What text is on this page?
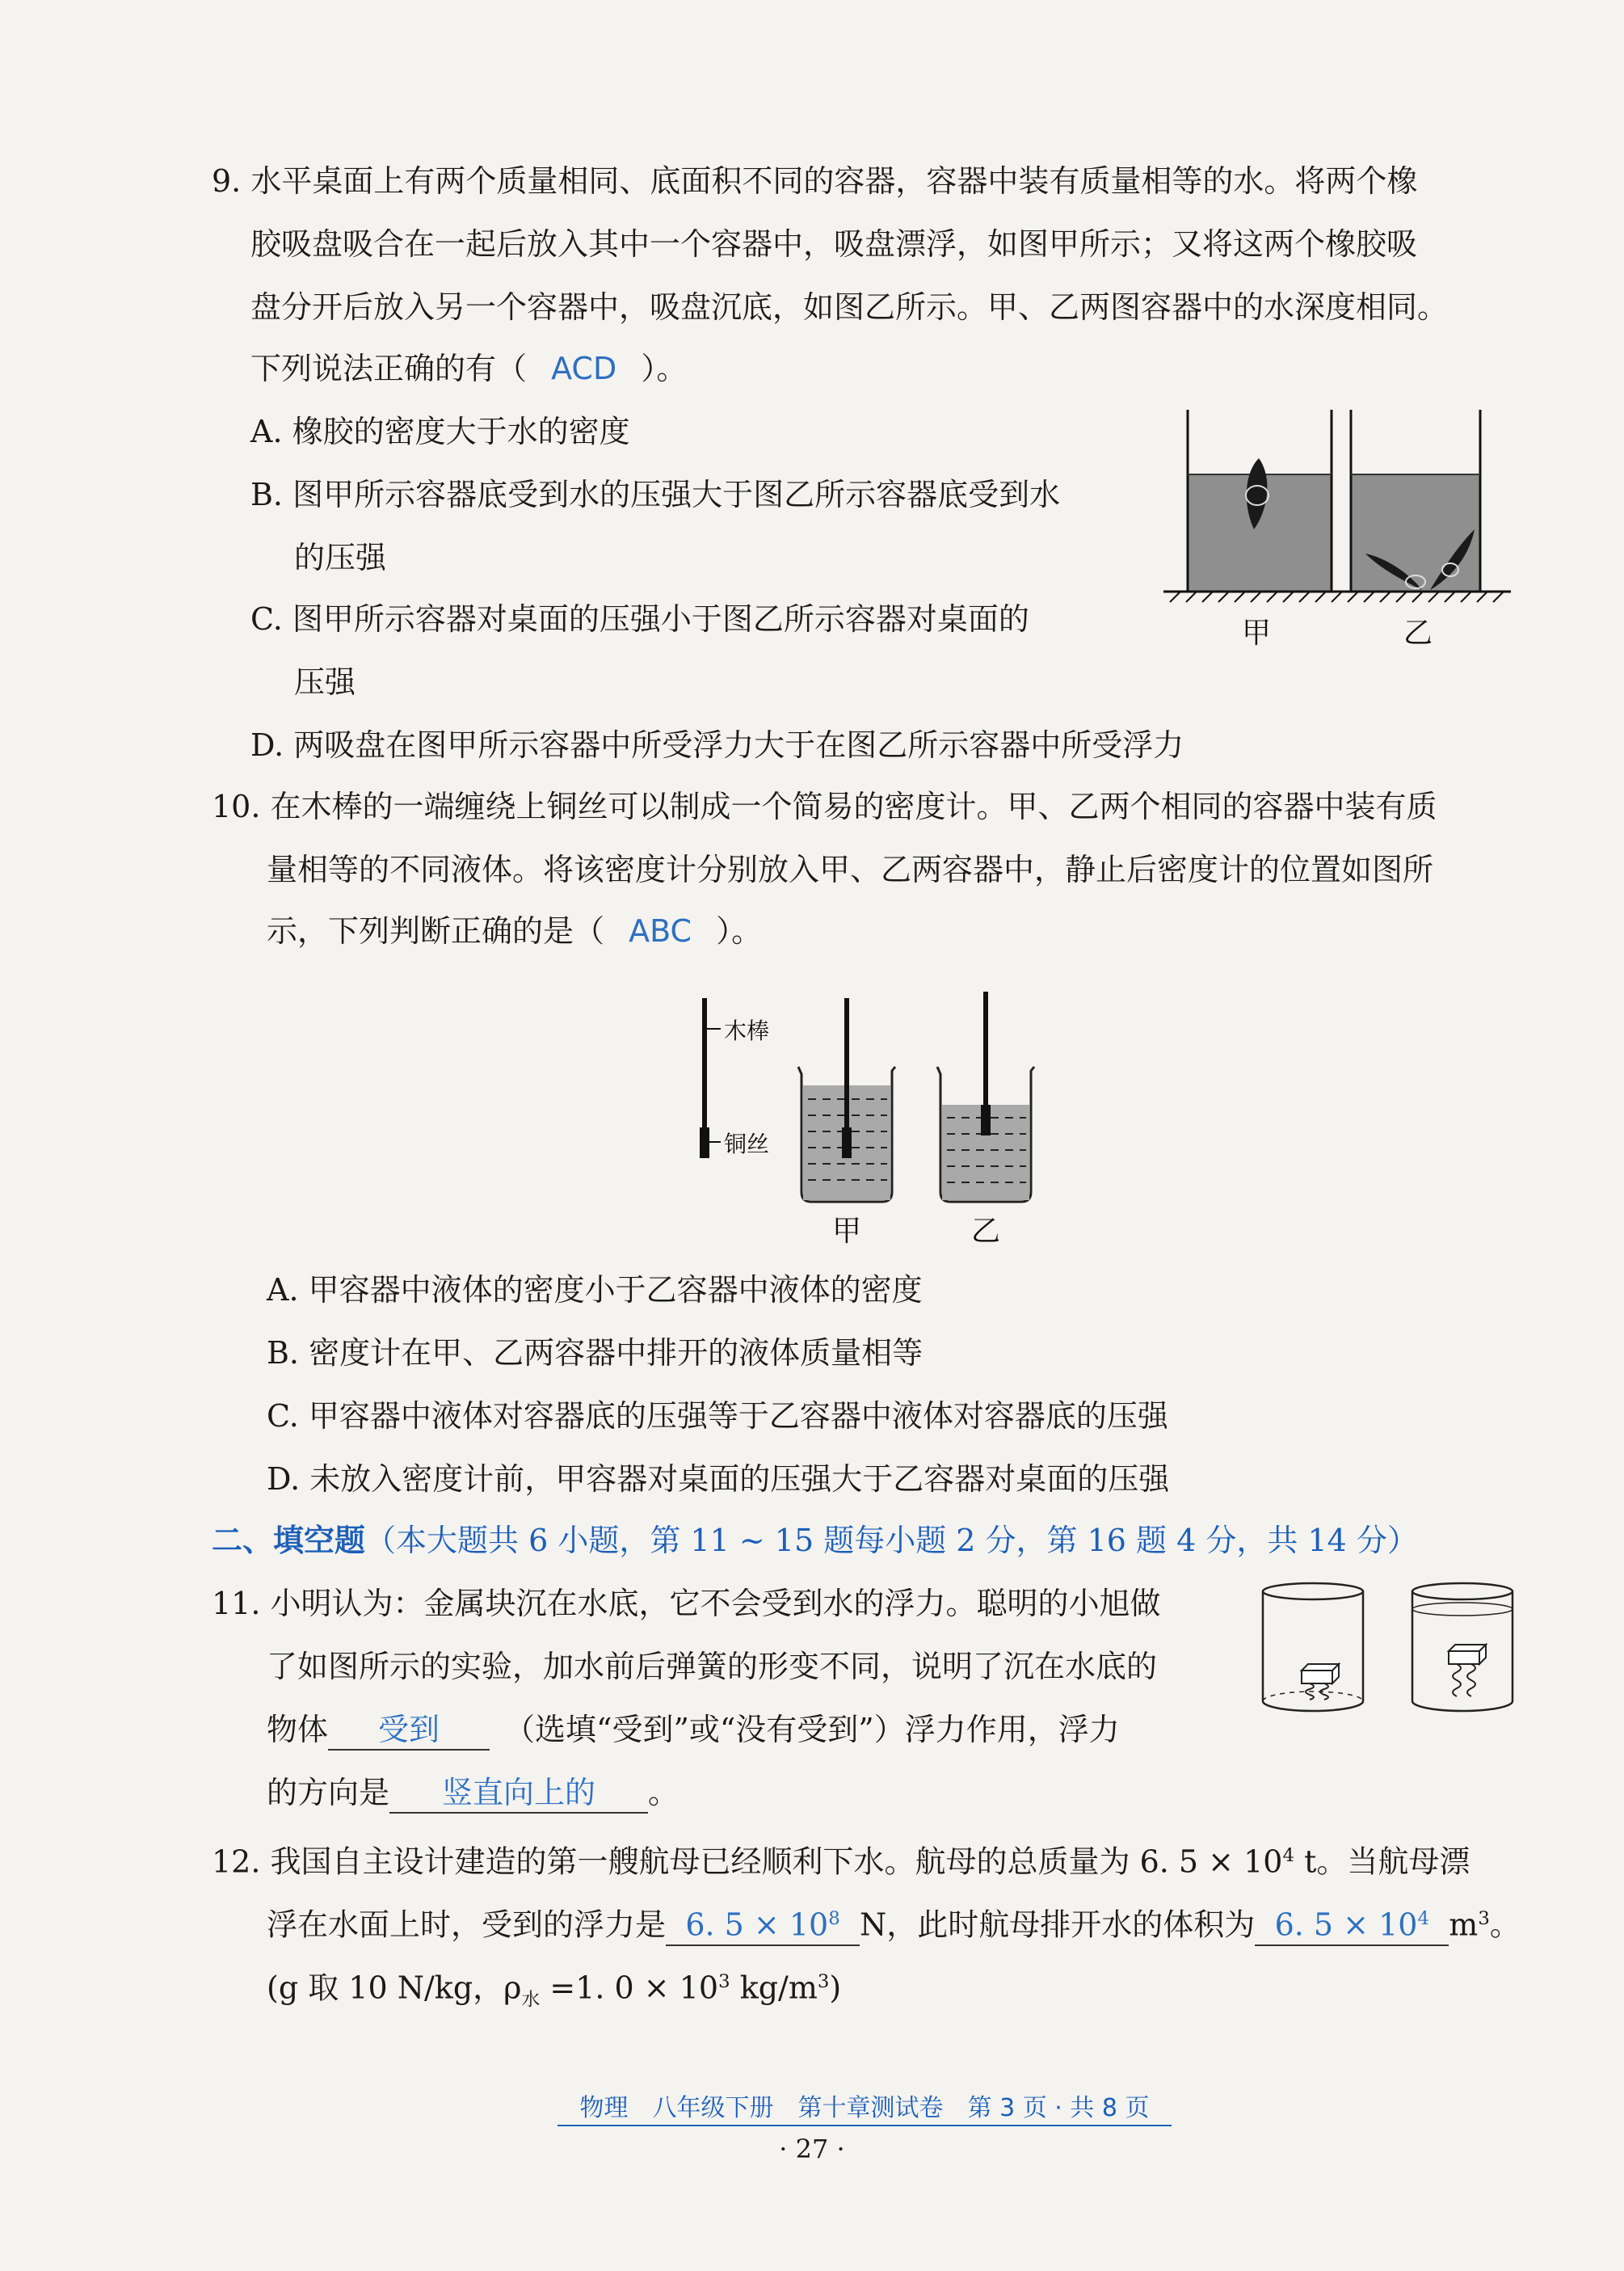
9. 水平桌面上有两个质量相同、底面积不同的容器，容器中装有质量相等的水。将两个橡
胶吸盘吸合在一起后放入其中一个容器中，吸盘漂浮，如图甲所示；又将这两个橡胶吸
盘分开后放入另一个容器中，吸盘沉底，如图乙所示。甲、乙两图容器中的水深度相同。
下列说法正确的有（ ACD ）。
A. 橡胶的密度大于水的密度
B. 图甲所示容器底受到水的压强大于图乙所示容器底受到水
的压强
C. 图甲所示容器对桌面的压强小于图乙所示容器对桌面的
压强
D. 两吸盘在图甲所示容器中所受浮力大于在图乙所示容器中所受浮力
甲	乙
10. 在木棒的一端缠绕上铜丝可以制成一个简易的密度计。甲、乙两个相同的容器中装有质
量相等的不同液体。将该密度计分别放入甲、乙两容器中，静止后密度计的位置如图所
示，下列判断正确的是（ ABC ）。
木棒
铜丝
甲	乙
A. 甲容器中液体的密度小于乙容器中液体的密度
B. 密度计在甲、乙两容器中排开的液体质量相等
C. 甲容器中液体对容器底的压强等于乙容器中液体对容器底的压强
D. 未放入密度计前，甲容器对桌面的压强大于乙容器对桌面的压强
二、填空题（本大题共 6 小题，第 11 ~ 15 题每小题 2 分，第 16 题 4 分，共 14 分）
11. 小明认为：金属块沉在水底，它不会受到水的浮力。聪明的小旭做
了如图所示的实验，加水前后弹簧的形变不同，说明了沉在水底的
物体 受到 （选填“受到”或“没有受到”）浮力作用，浮力
的方向是 竖直向上的 。
12. 我国自主设计建造的第一艘航母已经顺利下水。航母的总质量为 6. $5 \times 10^4$ t。当航母漂
浮在水面上时，受到的浮力是 6. $5 \times 10^8$ N，此时航母排开水的体积为 6. $5 \times 10^4$ $m^3$。
(g 取 10 N/kg，$\rho_水 =1$. $0 \times 10^3$ $kg/m^3$)
物理　八年级下册　第十章测试卷　第 3 页 · 共 8 页
· 27 ·
